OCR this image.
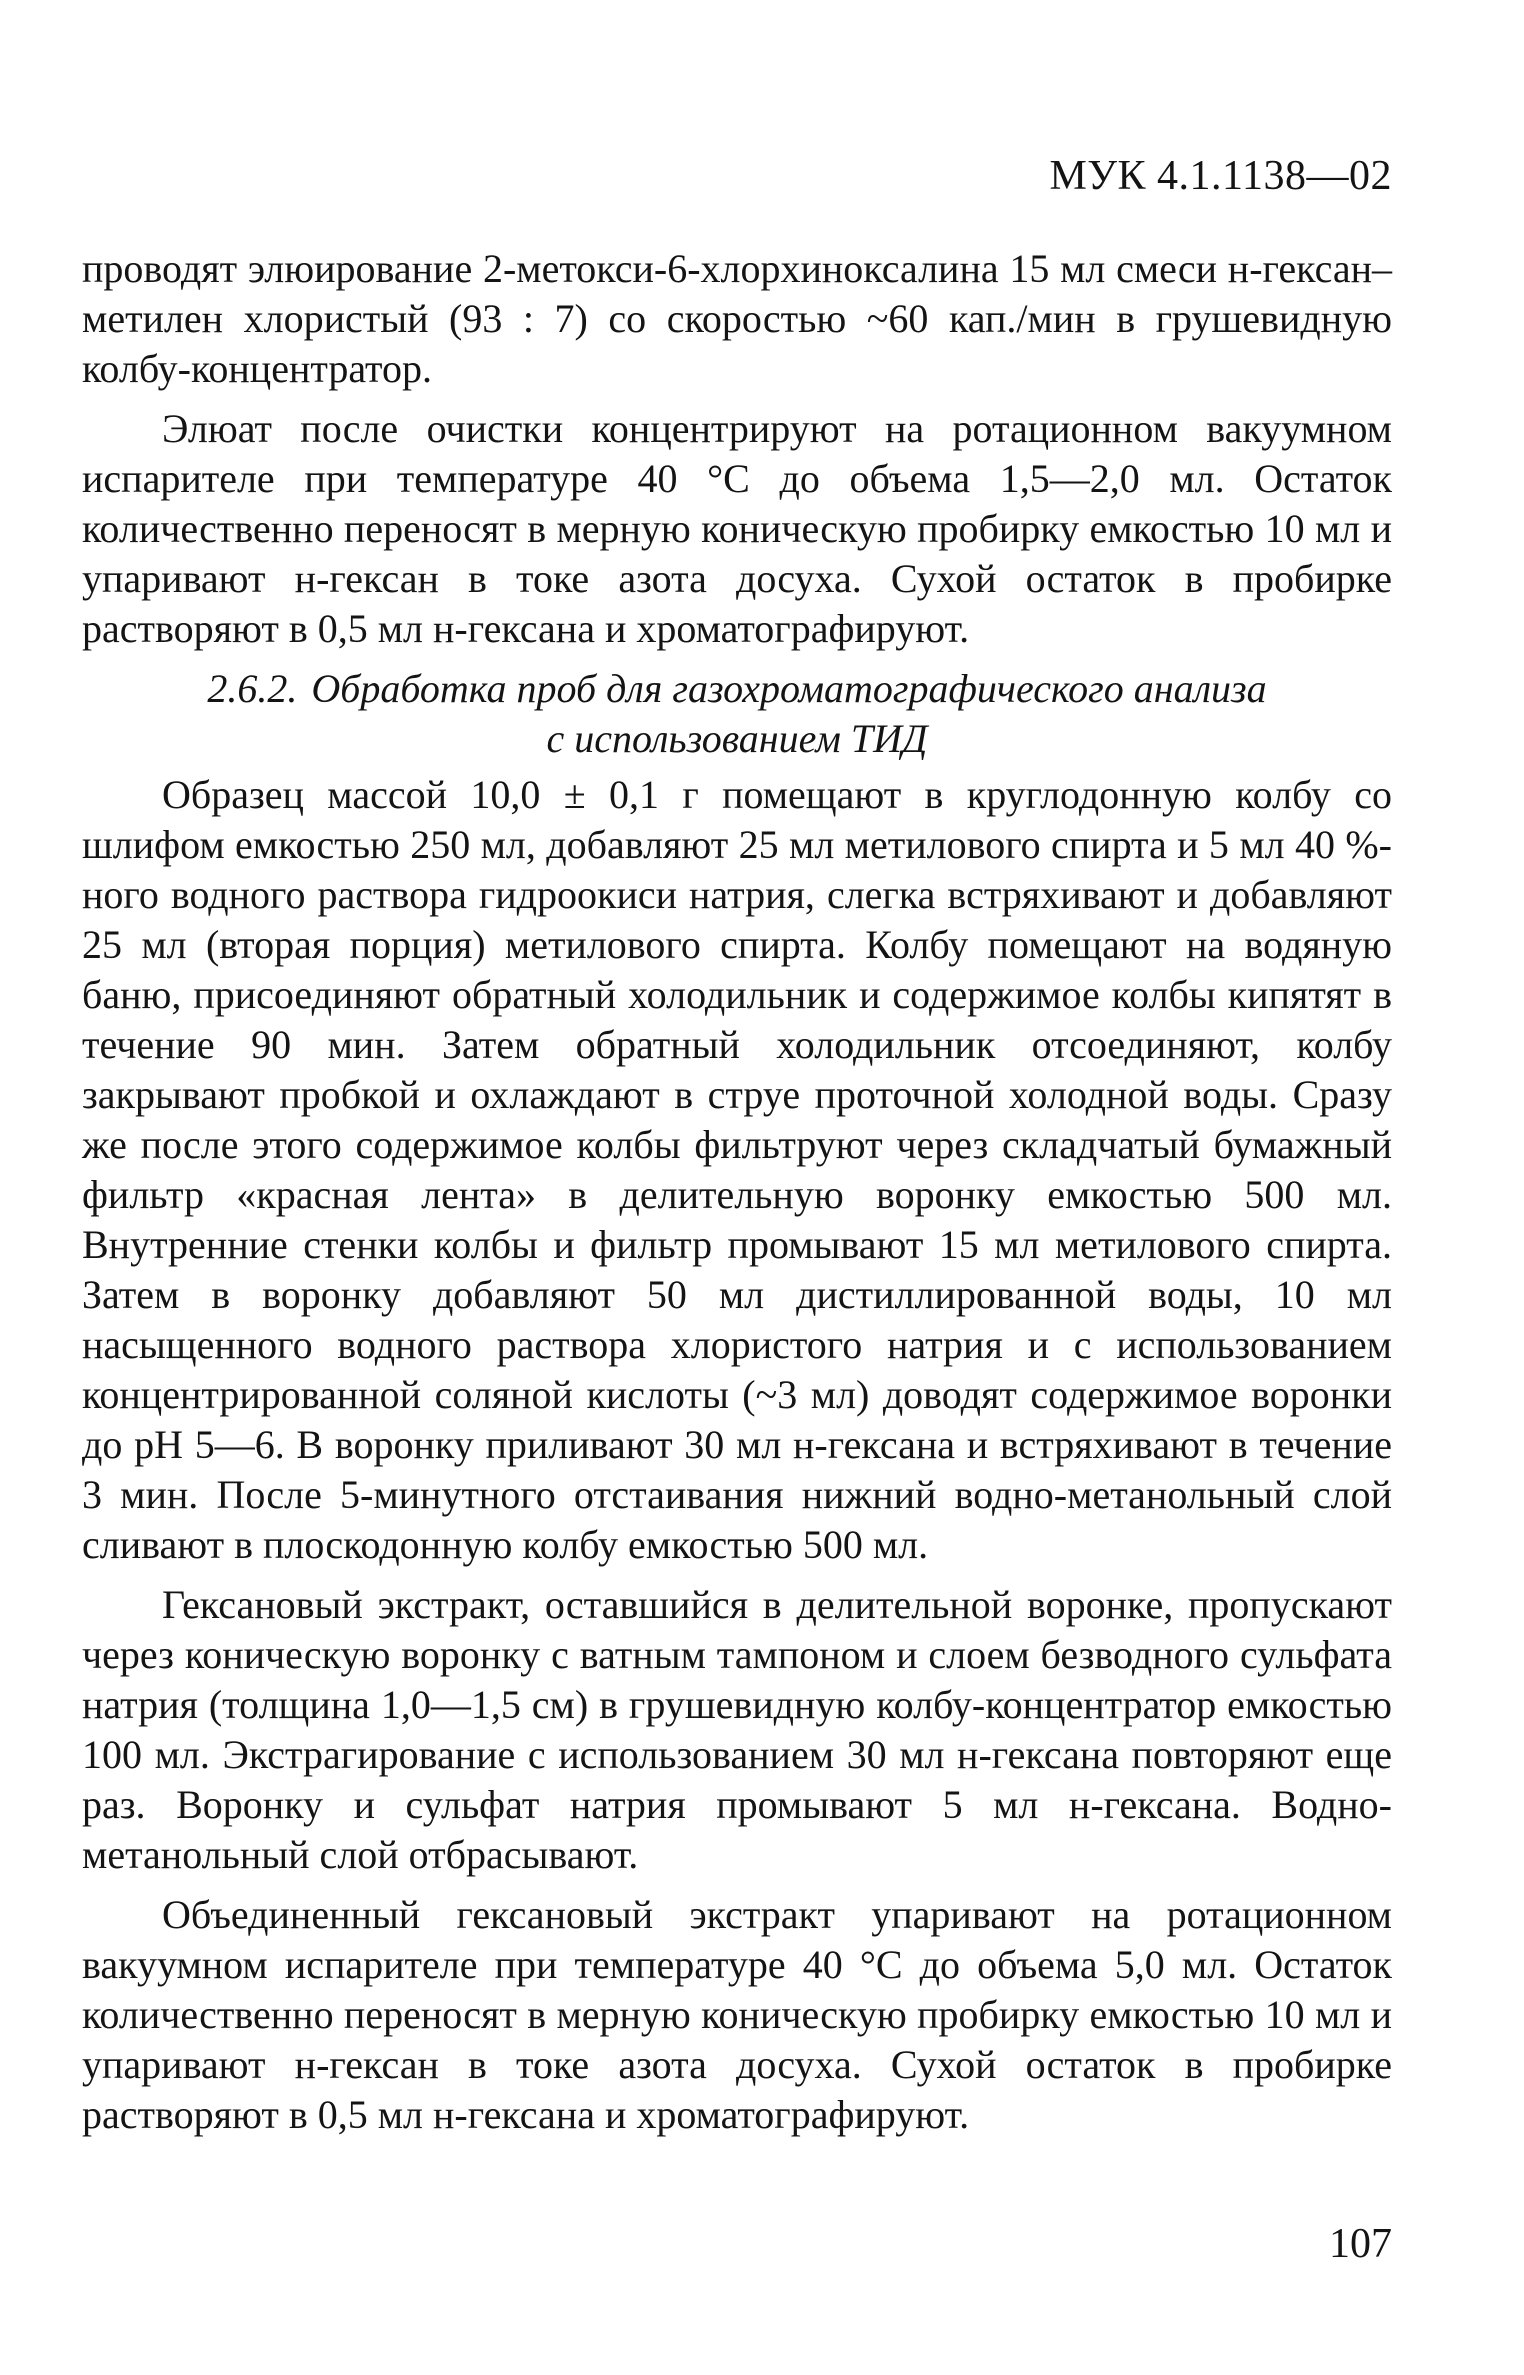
МУК 4.1.1138—02

проводят элюирование 2-метокси-6-хлорхиноксалина 15 мл смеси н-гексан–метилен хлористый (93 : 7) со скоростью ~60 кап./мин в грушевидную колбу-концентратор.

Элюат после очистки концентрируют на ротационном вакуумном испарителе при температуре 40 °С до объема 1,5—2,0 мл. Остаток количественно переносят в мерную коническую пробирку емкостью 10 мл и упаривают н-гексан в токе азота досуха. Сухой остаток в пробирке растворяют в 0,5 мл н-гексана и хроматографируют.

2.6.2. Обработка проб для газохроматографического анализа
с использованием ТИД

Образец массой 10,0 ± 0,1 г помещают в круглодонную колбу со шлифом емкостью 250 мл, добавляют 25 мл метилового спирта и 5 мл 40 %-ного водного раствора гидроокиси натрия, слегка встряхивают и добавляют 25 мл (вторая порция) метилового спирта. Колбу помещают на водяную баню, присоединяют обратный холодильник и содержимое колбы кипятят в течение 90 мин. Затем обратный холодильник отсоединяют, колбу закрывают пробкой и охлаждают в струе проточной холодной воды. Сразу же после этого содержимое колбы фильтруют через складчатый бумажный фильтр «красная лента» в делительную воронку емкостью 500 мл. Внутренние стенки колбы и фильтр промывают 15 мл метилового спирта. Затем в воронку добавляют 50 мл дистиллированной воды, 10 мл насыщенного водного раствора хлористого натрия и с использованием концентрированной соляной кислоты (~3 мл) доводят содержимое воронки до pH 5—6. В воронку приливают 30 мл н-гексана и встряхивают в течение 3 мин. После 5-минутного отстаивания нижний водно-метанольный слой сливают в плоскодонную колбу емкостью 500 мл.

Гексановый экстракт, оставшийся в делительной воронке, пропускают через коническую воронку с ватным тампоном и слоем безводного сульфата натрия (толщина 1,0—1,5 см) в грушевидную колбу-концентратор емкостью 100 мл. Экстрагирование с использованием 30 мл н-гексана повторяют еще раз. Воронку и сульфат натрия промывают 5 мл н-гексана. Водно-метанольный слой отбрасывают.

Объединенный гексановый экстракт упаривают на ротационном вакуумном испарителе при температуре 40 °С до объема 5,0 мл. Остаток количественно переносят в мерную коническую пробирку емкостью 10 мл и упаривают н-гексан в токе азота досуха. Сухой остаток в пробирке растворяют в 0,5 мл н-гексана и хроматографируют.

107
